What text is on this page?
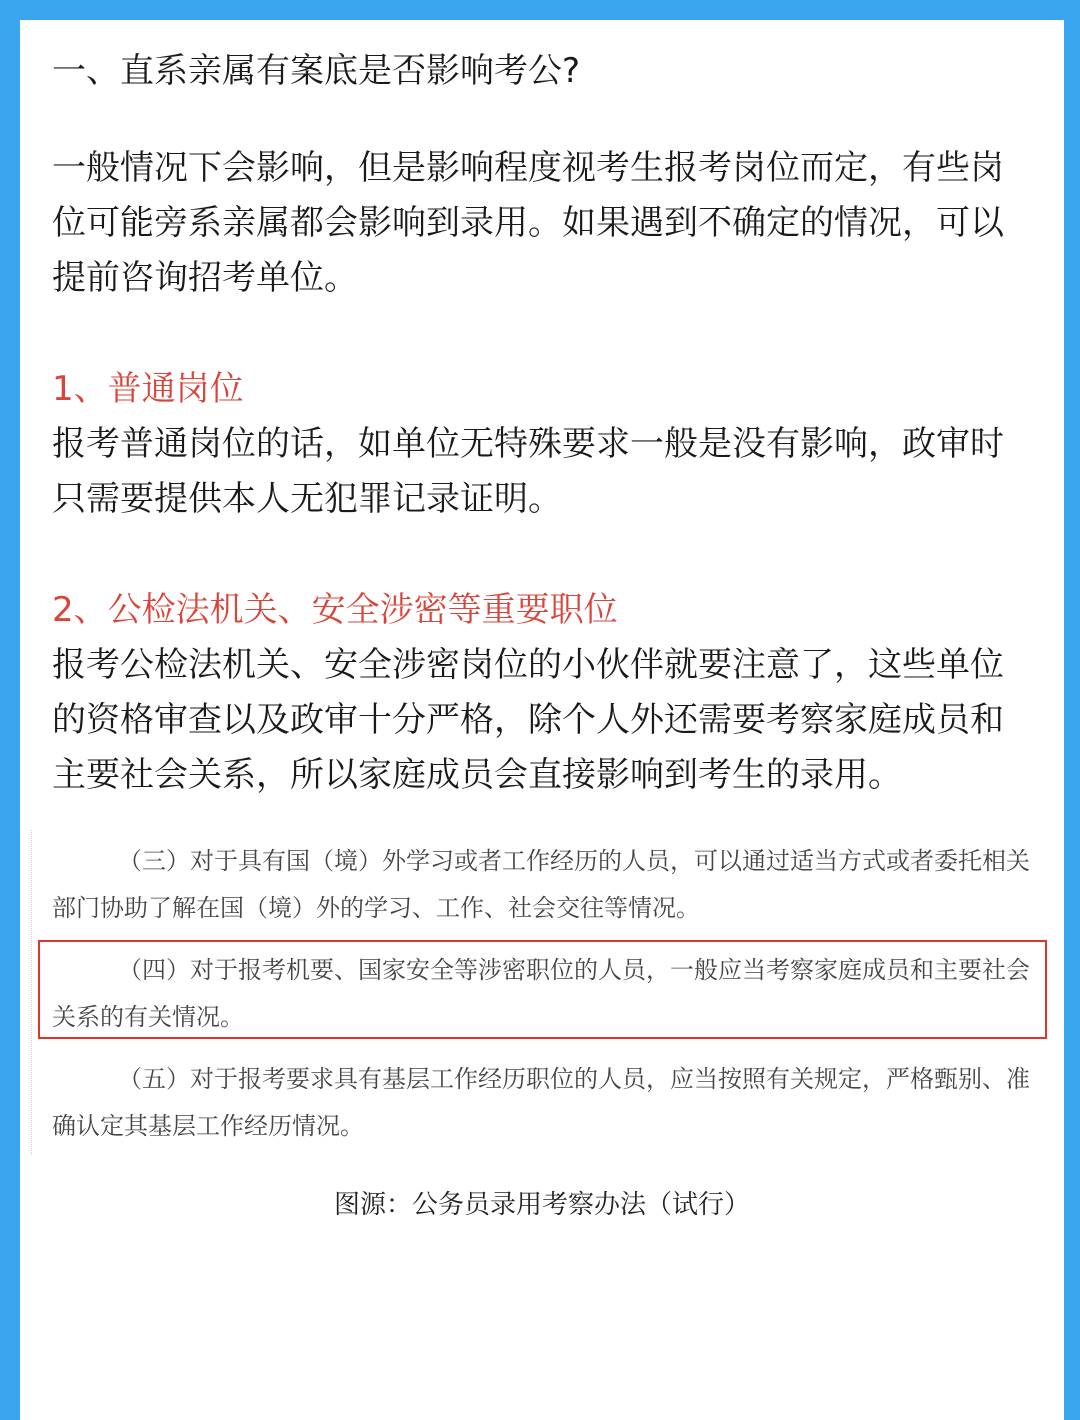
一、直系亲属有案底是否影响考公?

一般情况下会影响，但是影响程度视考生报考岗位而定，有些岗位可能旁系亲属都会影响到录用。如果遇到不确定的情况，可以提前咨询招考单位。

1、普通岗位

报考普通岗位的话，如单位无特殊要求一般是没有影响，政审时只需要提供本人无犯罪记录证明。

2、公检法机关、安全涉密等重要职位

报考公检法机关、安全涉密岗位的小伙伴就要注意了，这些单位的资格审查以及政审十分严格，除个人外还需要考察家庭成员和主要社会关系，所以家庭成员会直接影响到考生的录用。

（三）对于具有国（境）外学习或者工作经历的人员，可以通过适当方式或者委托相关部门协助了解在国（境）外的学习、工作、社会交往等情况。

（四）对于报考机要、国家安全等涉密职位的人员，一般应当考察家庭成员和主要社会关系的有关情况。

（五）对于报考要求具有基层工作经历职位的人员，应当按照有关规定，严格甄别、准确认定其基层工作经历情况。

图源：公务员录用考察办法（试行）
